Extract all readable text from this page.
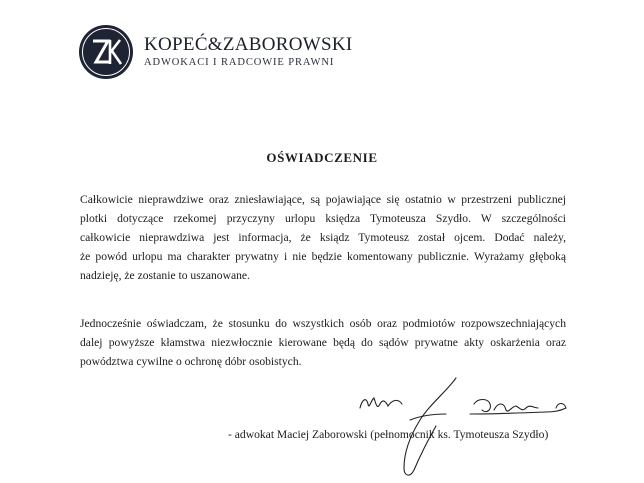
KOPEĆ&ZABOROWSKI
ADWOKACI I RADCOWIE PRAWNI
OŚWIADCZENIE

Całkowicie nieprawdziwe oraz zniesławiające, są pojawiające się ostatnio w przestrzeni publicznej
plotki dotyczące rzekomej przyczyny urlopu księdza Tymoteusza Szydło. W szczególności
całkowicie nieprawdziwa jest informacja, że ksiądz Tymoteusz został ojcem. Dodać należy,
że powód urlopu ma charakter prywatny i nie będzie komentowany publicznie. Wyrażamy głęboką
nadzieję, że zostanie to uszanowane.

Jednocześnie oświadczam, że stosunku do wszystkich osób oraz podmiotów rozpowszechniających
dalej powyższe kłamstwa niezwłocznie kierowane będą do sądów prywatne akty oskarżenia oraz
powództwa cywilne o ochronę dóbr osobistych.

- adwokat Maciej Zaborowski (pełnomocnik ks. Tymoteusza Szydło)
